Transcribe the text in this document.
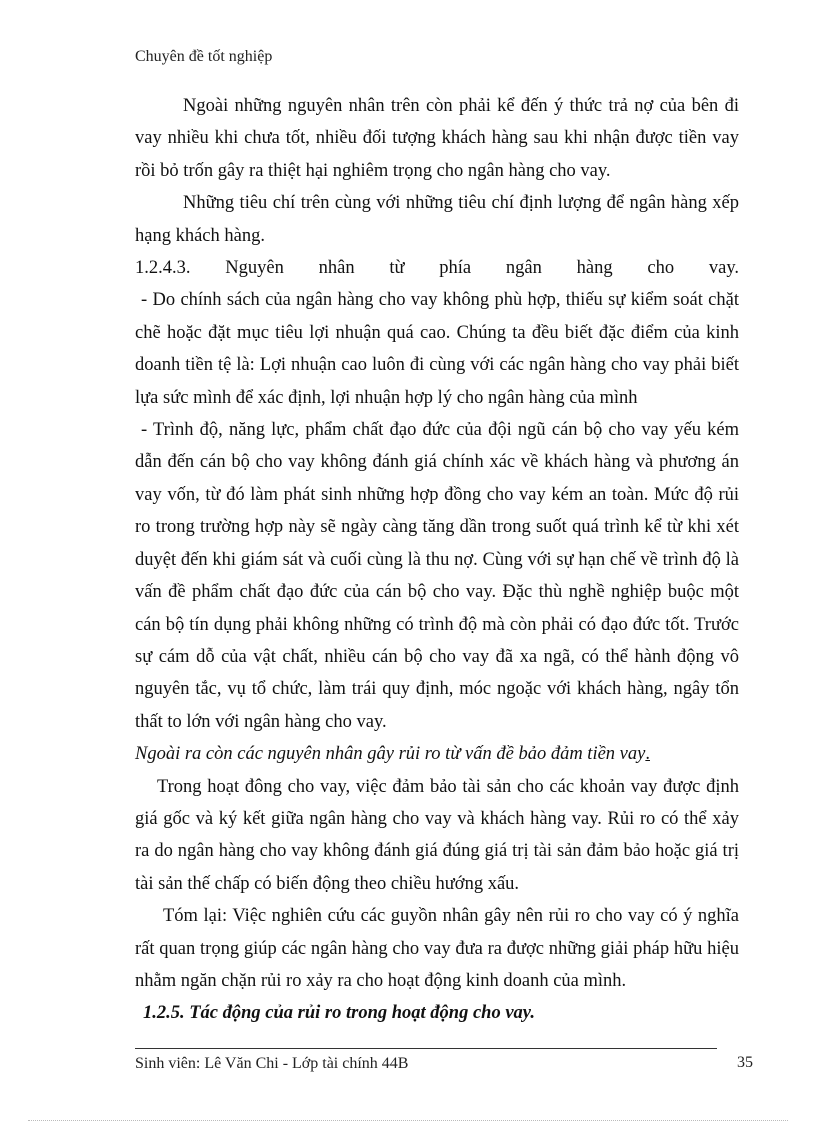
Chuyên đề tốt nghiệp

Ngoài những nguyên nhân trên còn phải kể đến ý thức trả nợ của bên đi vay nhiều khi chưa tốt, nhiều đối tượng khách hàng sau khi nhận được tiền vay rồi bỏ trốn gây ra thiệt hại nghiêm trọng cho ngân hàng cho vay.

Những tiêu chí trên cùng với những tiêu chí định lượng để ngân hàng xếp hạng khách hàng.

1.2.4.3. Nguyên nhân từ phía ngân hàng cho vay.

- Do chính sách của ngân hàng cho vay không phù hợp, thiếu sự kiểm soát chặt chẽ hoặc đặt mục tiêu lợi nhuận quá cao. Chúng ta đều biết đặc điểm của kinh doanh tiền tệ là: Lợi nhuận cao luôn đi cùng với các ngân hàng cho vay phải biết lựa sức mình để xác định, lợi nhuận hợp lý cho ngân hàng của mình

- Trình độ, năng lực, phẩm chất đạo đức của đội ngũ cán bộ cho vay yếu kém dẫn đến cán bộ cho vay không đánh giá chính xác về khách hàng và phương án vay vốn, từ đó làm phát sinh những hợp đồng cho vay kém an toàn. Mức độ rủi ro trong trường hợp này sẽ ngày càng tăng dần trong suốt quá trình kể từ khi xét duyệt đến khi giám sát và cuối cùng là thu nợ. Cùng với sự hạn chế về trình độ là vấn đề phẩm chất đạo đức của cán bộ cho vay. Đặc thù nghề nghiệp buộc một cán bộ tín dụng phải không những có trình độ mà còn phải có đạo đức tốt. Trước sự cám dỗ của vật chất, nhiều cán bộ cho vay đã xa ngã, có thể hành động vô nguyên tắc, vụ tổ chức, làm trái quy định, móc ngoặc với khách hàng, ngây tổn thất to lớn với ngân hàng cho vay.

Ngoài ra còn các nguyên nhân gây rủi ro từ vấn đề bảo đảm tiền vay.

Trong hoạt đông cho vay, việc đảm bảo tài sản cho các khoản vay được định giá gốc và ký kết giữa ngân hàng cho vay và khách hàng vay. Rủi ro có thể xảy ra do ngân hàng cho vay không đánh giá đúng giá trị tài sản đảm bảo hoặc giá trị tài sản thế chấp có biến động theo chiều hướng xấu.

Tóm lại: Việc nghiên cứu các guyồn nhân gây nên rủi ro cho vay có ý nghĩa rất quan trọng giúp các ngân hàng cho vay đưa ra được những giải pháp hữu hiệu nhằm ngăn chặn rủi ro xảy ra cho hoạt động kinh doanh của mình.

1.2.5. Tác động của rủi ro trong hoạt động cho vay.

Sinh viên: Lê Văn Chi - Lớp tài chính 44B	35
